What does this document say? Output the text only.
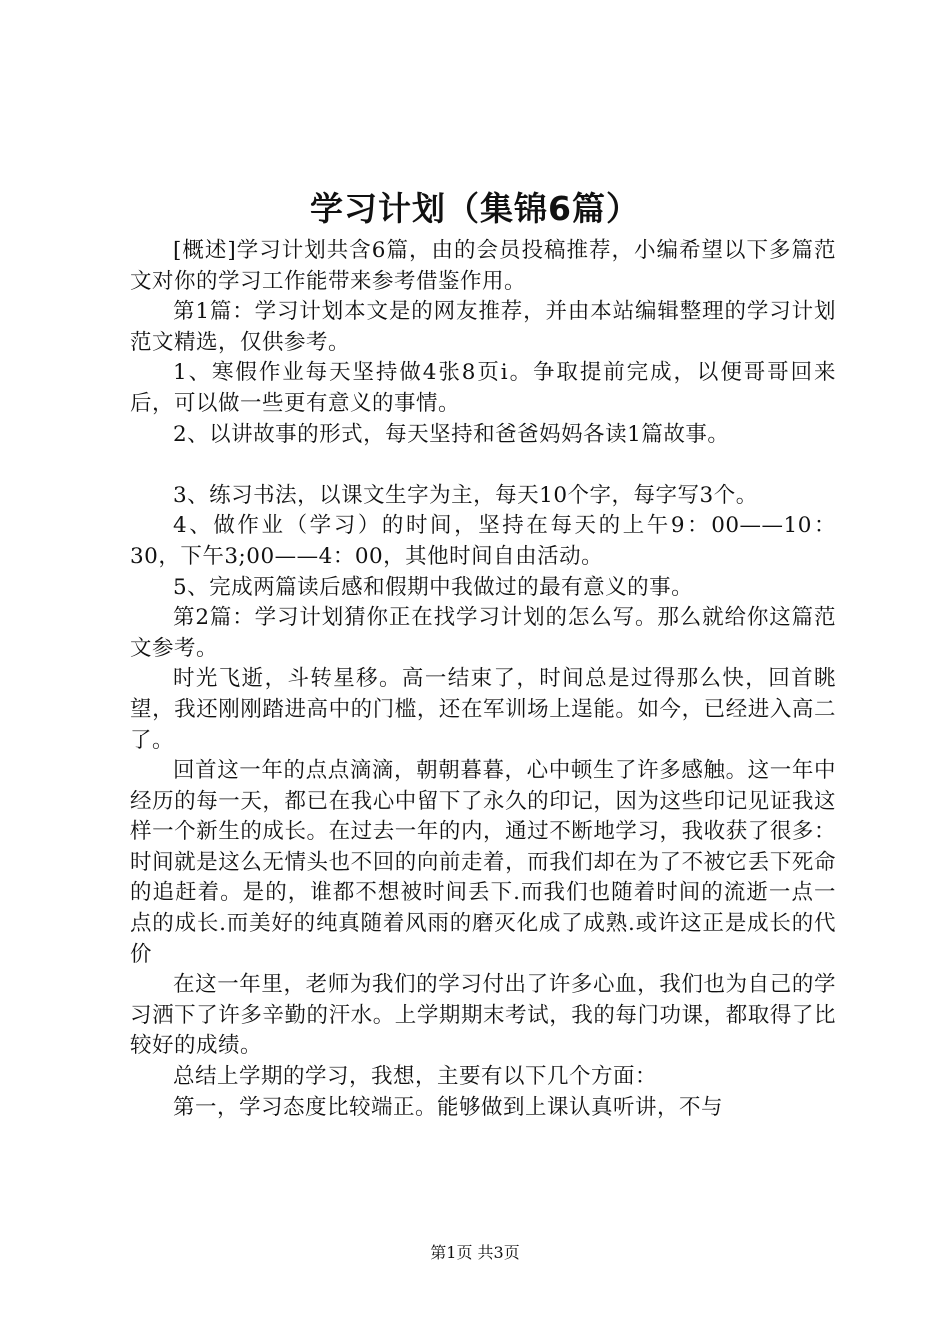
学习计划（集锦6篇）

[概述]学习计划共含6篇，由的会员投稿推荐，小编希望以下多篇范文对你的学习工作能带来参考借鉴作用。

第1篇：学习计划本文是的网友推荐，并由本站编辑整理的学习计划范文精选，仅供参考。

1、寒假作业每天坚持做4张8页i。争取提前完成，以便哥哥回来后，可以做一些更有意义的事情。

2、以讲故事的形式，每天坚持和爸爸妈妈各读1篇故事。

3、练习书法，以课文生字为主，每天10个字，每字写3个。

4、做作业（学习）的时间，坚持在每天的上午9：00——10：30，下午3;00——4：00，其他时间自由活动。

5、完成两篇读后感和假期中我做过的最有意义的事。

第2篇：学习计划猜你正在找学习计划的怎么写。那么就给你这篇范文参考。

时光飞逝，斗转星移。高一结束了，时间总是过得那么快，回首眺望，我还刚刚踏进高中的门槛，还在军训场上逞能。如今，已经进入高二了。

回首这一年的点点滴滴，朝朝暮暮，心中顿生了许多感触。这一年中经历的每一天，都已在我心中留下了永久的印记，因为这些印记见证我这样一个新生的成长。在过去一年的内，通过不断地学习，我收获了很多：时间就是这么无情头也不回的向前走着，而我们却在为了不被它丢下死命的追赶着。是的，谁都不想被时间丢下.而我们也随着时间的流逝一点一点的成长.而美好的纯真随着风雨的磨灭化成了成熟.或许这正是成长的代价

在这一年里，老师为我们的学习付出了许多心血，我们也为自己的学习洒下了许多辛勤的汗水。上学期期末考试，我的每门功课，都取得了比较好的成绩。

总结上学期的学习，我想，主要有以下几个方面：

第一，学习态度比较端正。能够做到上课认真听讲，不与

第1页 共3页
